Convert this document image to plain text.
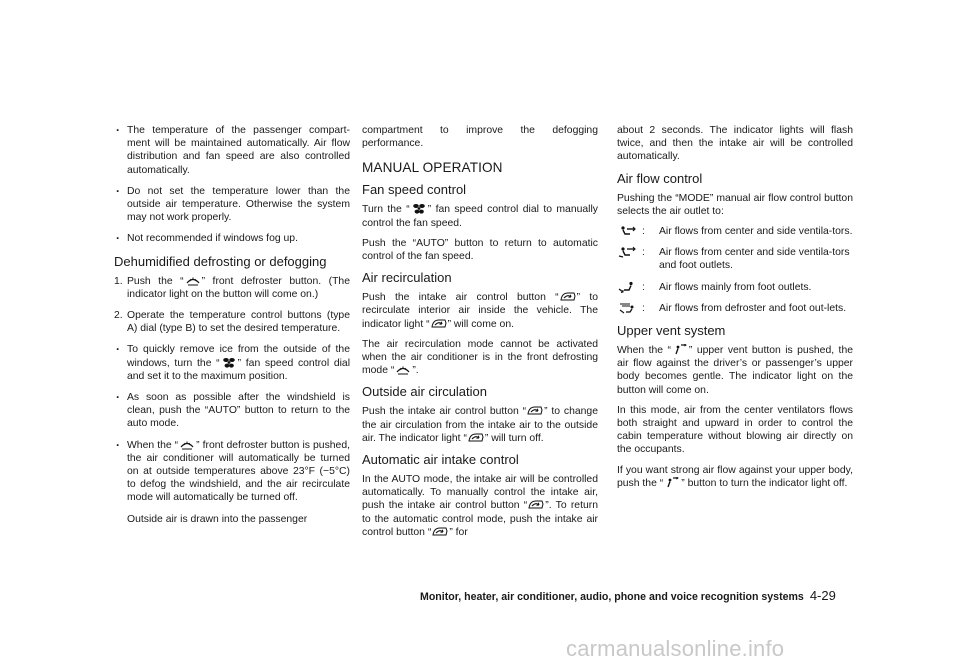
. The temperature of the passenger compart-ment will be maintained automatically. Air flow distribution and fan speed are also controlled automatically.
. Do not set the temperature lower than the outside air temperature. Otherwise the system may not work properly.
. Not recommended if windows fog up.
Dehumidified defrosting or defogging
1. Push the “ ” front defroster button. (The indicator light on the button will come on.)
2. Operate the temperature control buttons (type A) dial (type B) to set the desired temperature.
. To quickly remove ice from the outside of the windows, turn the “ ” fan speed control dial and set it to the maximum position.
. As soon as possible after the windshield is clean, push the “AUTO” button to return to the auto mode.
. When the “ ” front defroster button is pushed, the air conditioner will automatically be turned on at outside temperatures above 23°F (−5°C) to defog the windshield, and the air recirculate mode will automatically be turned off.

Outside air is drawn into the passenger

compartment to improve the defogging performance.

MANUAL OPERATION
Fan speed control

Turn the “ ” fan speed control dial to manually control the fan speed.

Push the “AUTO” button to return to automatic control of the fan speed.

Air recirculation

Push the intake air control button “ ” to recirculate interior air inside the vehicle. The indicator light “ ” will come on.

The air recirculation mode cannot be activated when the air conditioner is in the front defrosting mode “ ”.

Outside air circulation

Push the intake air control button “ ” to change the air circulation from the intake air to the outside air. The indicator light “ ” will turn off.

Automatic air intake control

In the AUTO mode, the intake air will be controlled automatically. To manually control the intake air, push the intake air control button “ ”. To return to the automatic control mode, push the intake air control button “ ” for

about 2 seconds. The indicator lights will flash twice, and then the intake air will be controlled automatically.

Air flow control

Pushing the “MODE” manual air flow control button selects the air outlet to:

: Air flows from center and side ventila-tors.
: Air flows from center and side ventila-tors and foot outlets.
: Air flows mainly from foot outlets.
: Air flows from defroster and foot out-lets.
Upper vent system

When the “ ” upper vent button is pushed, the air flow against the driver’s or passenger’s upper body becomes gentle. The indicator light on the button will come on.

In this mode, air from the center ventilators flows both straight and upward in order to control the cabin temperature without blowing air directly on the occupants.

If you want strong air flow against your upper body, push the “ ” button to turn the indicator light off.

Monitor, heater, air conditioner, audio, phone and voice recognition systems 4-29
carmanualsonline.info
